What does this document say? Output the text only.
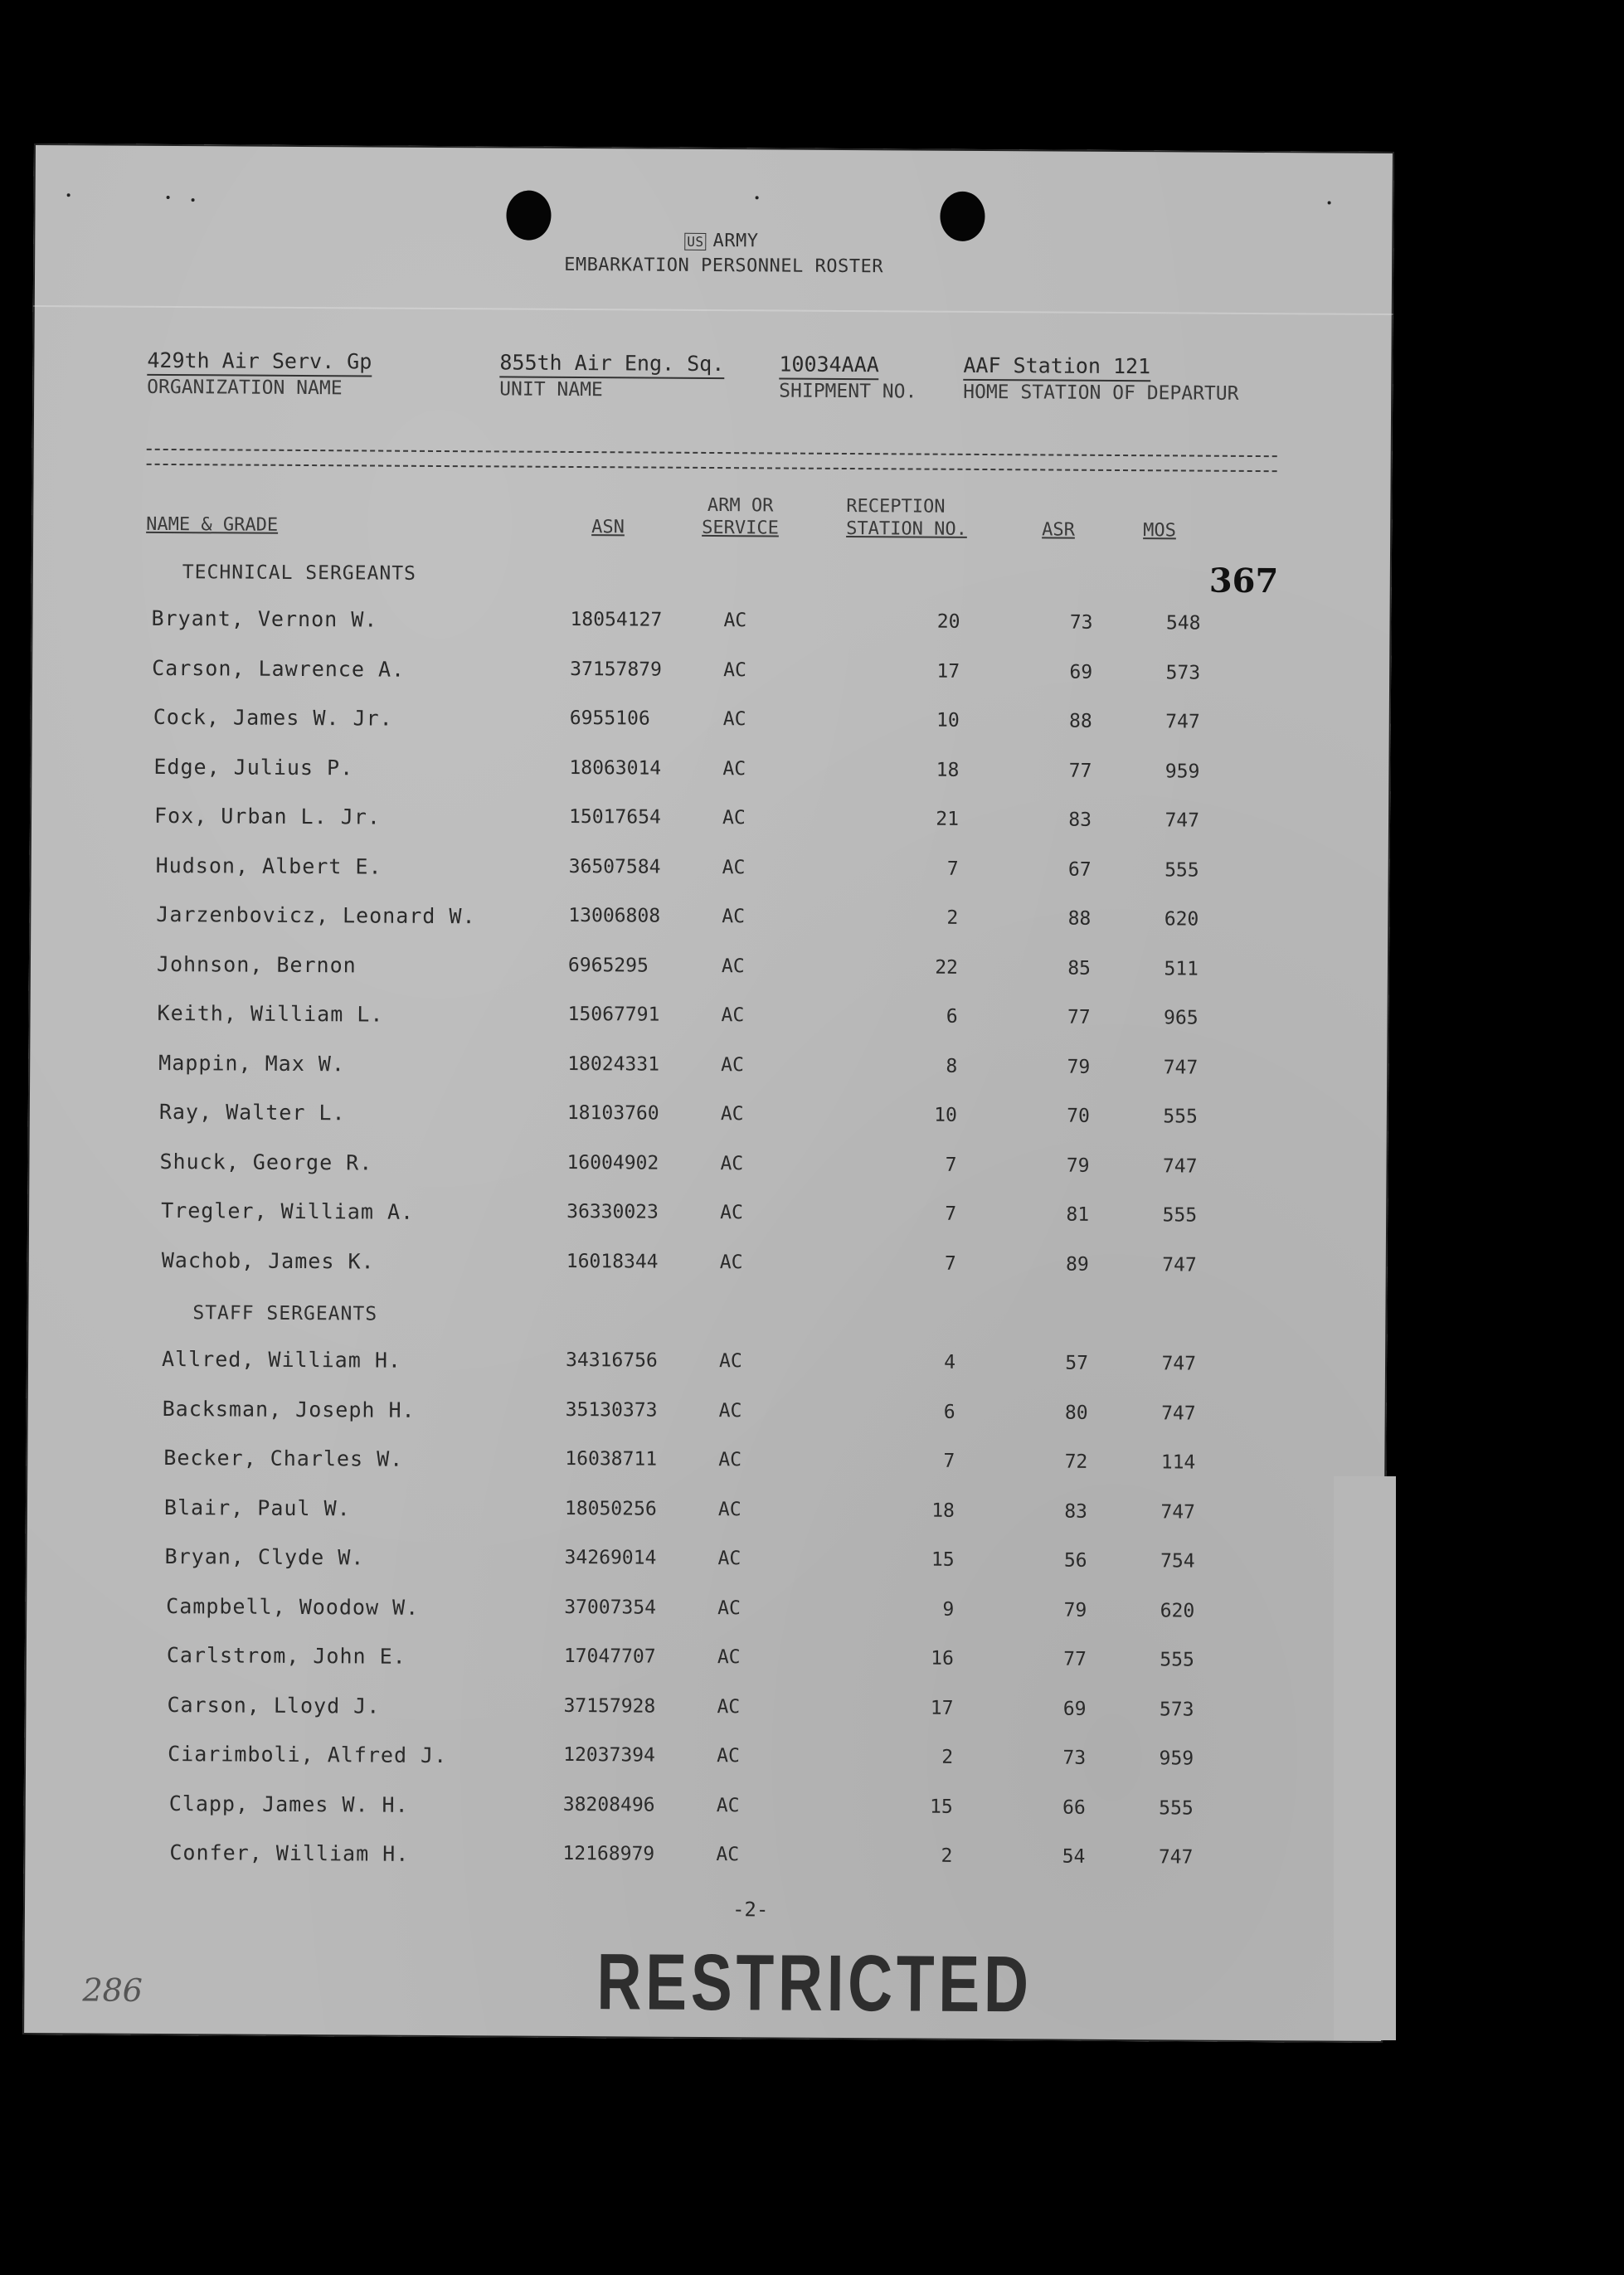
US ARMY
EMBARKATION PERSONNEL ROSTER
429th Air Serv. Gp
ORGANIZATION NAME
855th Air Eng. Sq.
UNIT NAME
10034AAA
SHIPMENT NO.
AAF Station 121
HOME STATION OF DEPARTUR
NAME & GRADE	ASN
ARM OR
SERVICE
RECEPTION
STATION NO.	ASR	MOS
367
TECHNICAL SERGEANTS
Bryant, Vernon W.	18054127	AC	20	73	548
Carson, Lawrence A.	37157879	AC	17	69	573
Cock, James W. Jr.	6955106	AC	10	88	747
Edge, Julius P.	18063014	AC	18	77	959
Fox, Urban L. Jr.	15017654	AC	21	83	747
Hudson, Albert E.	36507584	AC	7	67	555
Jarzenbovicz, Leonard W.	13006808	AC	2	88	620
Johnson, Bernon	6965295	AC	22	85	511
Keith, William L.	15067791	AC	6	77	965
Mappin, Max W.	18024331	AC	8	79	747
Ray, Walter L.	18103760	AC	10	70	555
Shuck, George R.	16004902	AC	7	79	747
Tregler, William A.	36330023	AC	7	81	555
Wachob, James K.	16018344	AC	7	89	747
STAFF SERGEANTS
Allred, William H.	34316756	AC	4	57	747
Backsman, Joseph H.	35130373	AC	6	80	747
Becker, Charles W.	16038711	AC	7	72	114
Blair, Paul W.	18050256	AC	18	83	747
Bryan, Clyde W.	34269014	AC	15	56	754
Campbell, Woodow W.	37007354	AC	9	79	620
Carlstrom, John E.	17047707	AC	16	77	555
Carson, Lloyd J.	37157928	AC	17	69	573
Ciarimboli, Alfred J.	12037394	AC	2	73	959
Clapp, James W. H.	38208496	AC	15	66	555
Confer, William H.	12168979	AC	2	54	747
-2-
RESTRICTED
286
